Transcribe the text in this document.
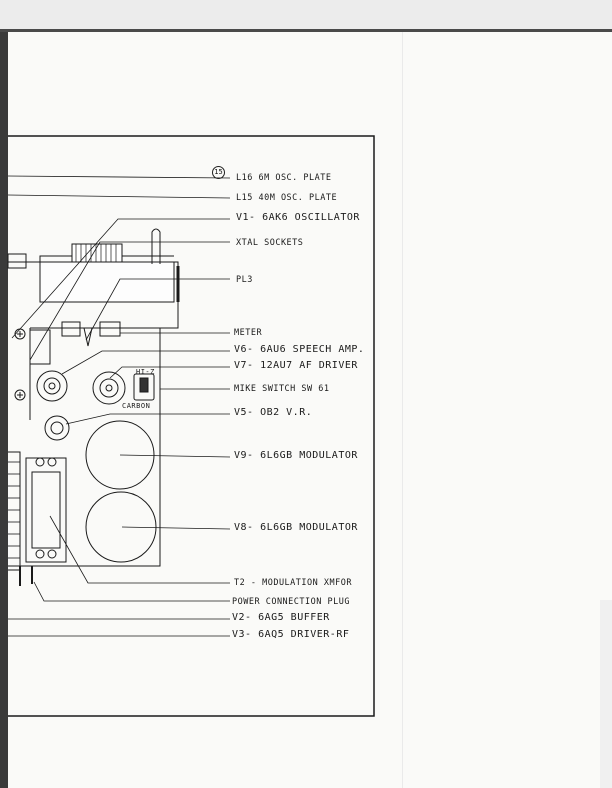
15
L16 6M OSC. PLATE
L15 40M OSC. PLATE
V1- 6AK6 OSCILLATOR
XTAL SOCKETS
PL3
METER
V6- 6AU6 SPEECH AMP.
V7- 12AU7 AF DRIVER
MIKE SWITCH SW 61
V5- OB2 V.R.
V9- 6L6GB MODULATOR
V8- 6L6GB MODULATOR
T2 - MODULATION XMFOR
POWER CONNECTION PLUG
V2- 6AG5 BUFFER
V3- 6AQ5 DRIVER-RF
HI-Z
CARBON
